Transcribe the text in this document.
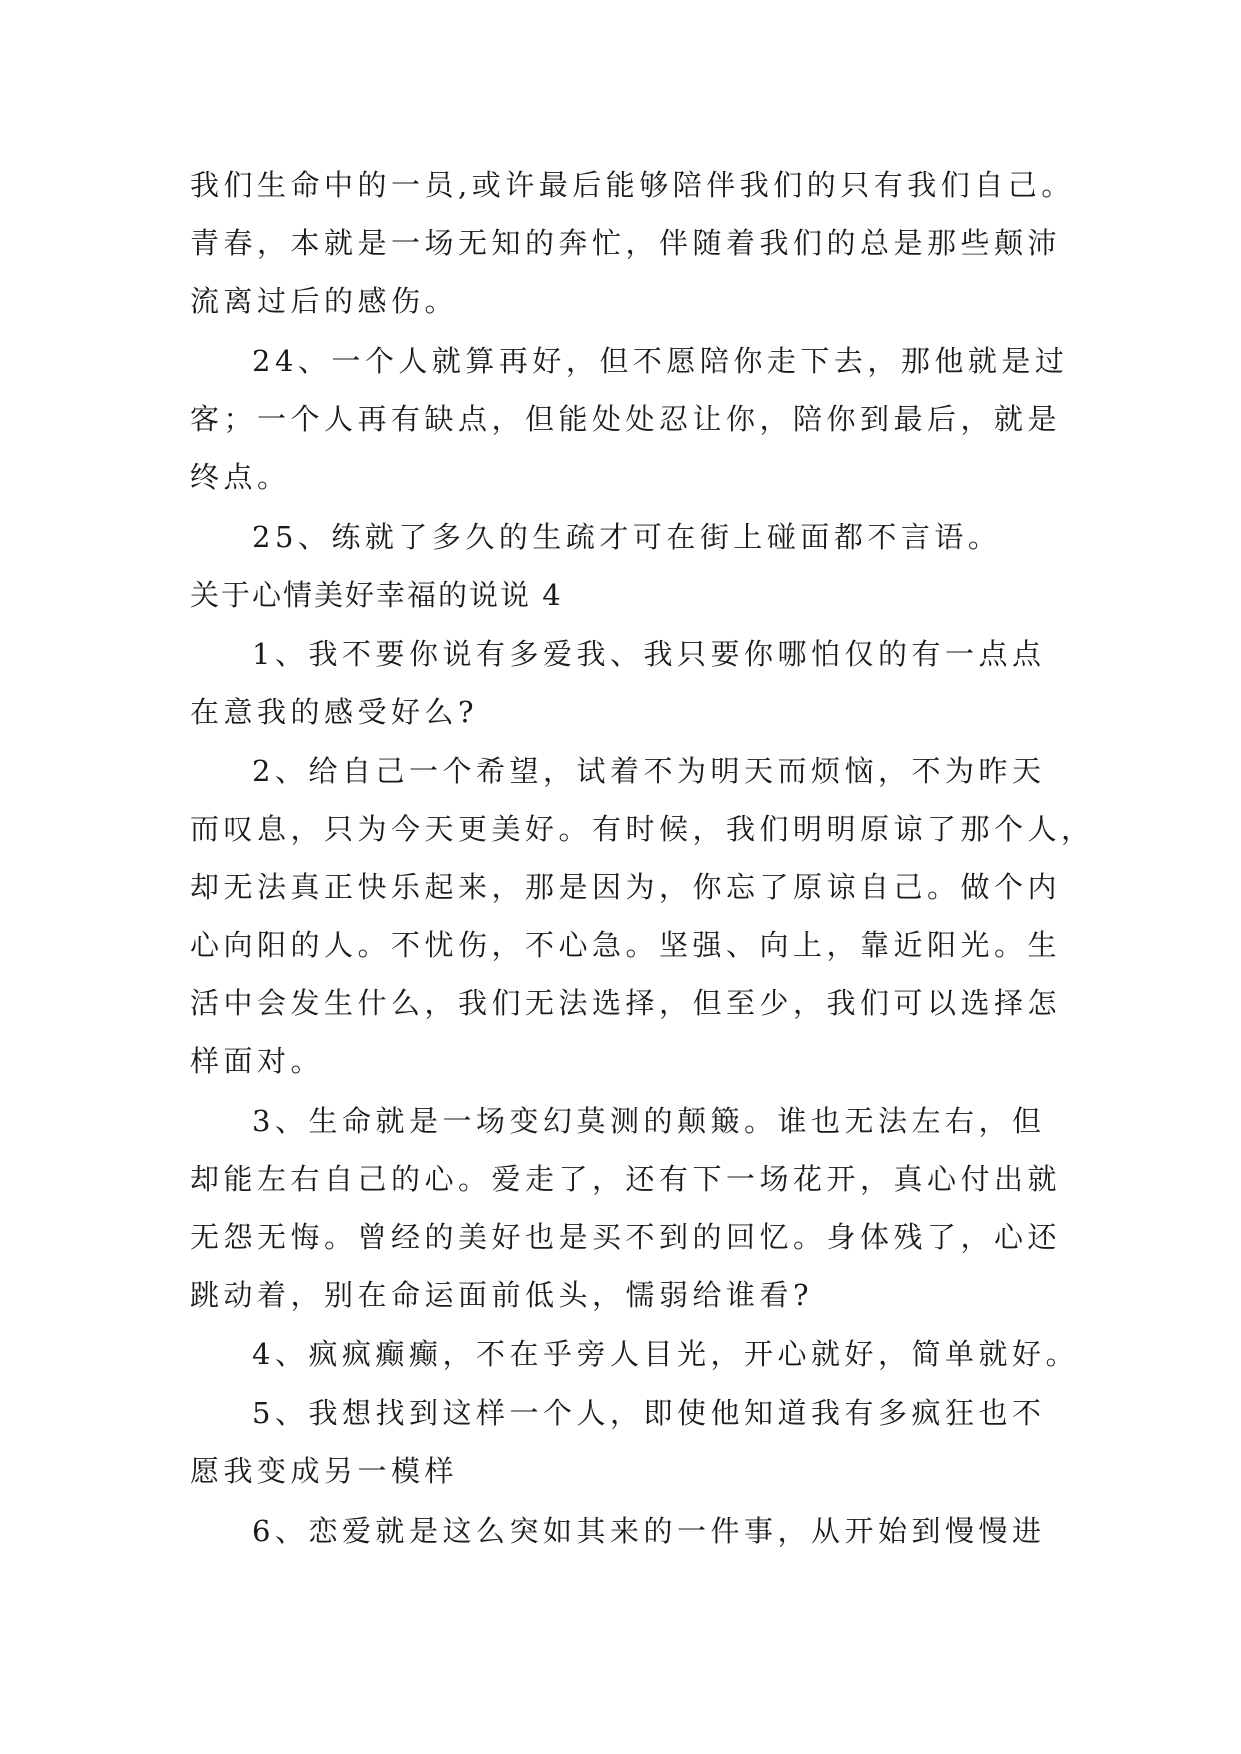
我们生命中的一员,或许最后能够陪伴我们的只有我们自己。
青春，本就是一场无知的奔忙，伴随着我们的总是那些颠沛
流离过后的感伤。
24、一个人就算再好，但不愿陪你走下去，那他就是过
客；一个人再有缺点，但能处处忍让你，陪你到最后，就是
终点。
25、练就了多久的生疏才可在街上碰面都不言语。
关于心情美好幸福的说说 4
1、我不要你说有多爱我、我只要你哪怕仅的有一点点
在意我的感受好么?
2、给自己一个希望，试着不为明天而烦恼，不为昨天
而叹息，只为今天更美好。有时候，我们明明原谅了那个人，
却无法真正快乐起来，那是因为，你忘了原谅自己。做个内
心向阳的人。不忧伤，不心急。坚强、向上，靠近阳光。生
活中会发生什么，我们无法选择，但至少，我们可以选择怎
样面对。
3、生命就是一场变幻莫测的颠簸。谁也无法左右，但
却能左右自己的心。爱走了，还有下一场花开，真心付出就
无怨无悔。曾经的美好也是买不到的回忆。身体残了，心还
跳动着，别在命运面前低头，懦弱给谁看?
4、疯疯癫癫，不在乎旁人目光，开心就好，简单就好。
5、我想找到这样一个人，即使他知道我有多疯狂也不
愿我变成另一模样
6、恋爱就是这么突如其来的一件事，从开始到慢慢进
